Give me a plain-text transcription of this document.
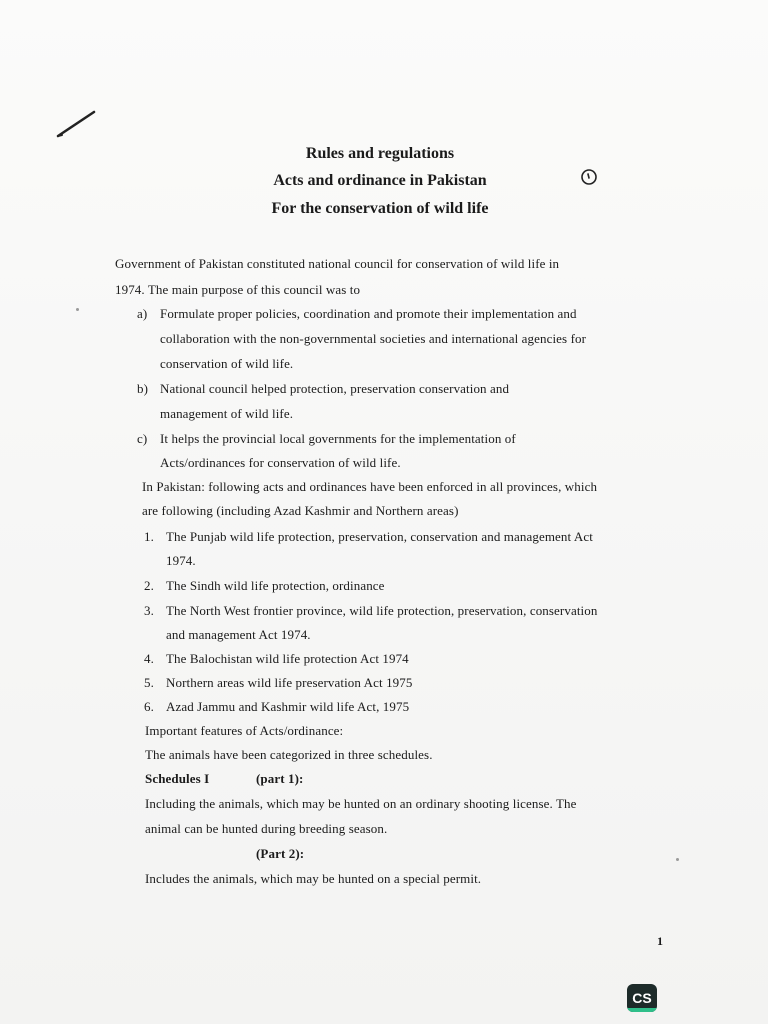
Rules and regulations
Acts and ordinance in Pakistan
For the conservation of wild life
Government of Pakistan constituted national council for conservation of wild life in
1974. The main purpose of this council was to
a) Formulate proper policies, coordination and promote their implementation and
collaboration with the non-governmental societies and international agencies for
conservation of wild life.
b) National council helped protection, preservation conservation and
management of wild life.
c) It helps the provincial local governments for the implementation of
Acts/ordinances for conservation of wild life.
In Pakistan: following acts and ordinances have been enforced in all provinces, which
are following (including Azad Kashmir and Northern areas)
1. The Punjab wild life protection, preservation, conservation and management Act
1974.
2. The Sindh wild life protection, ordinance
3. The North West frontier province, wild life protection, preservation, conservation
and management Act 1974.
4. The Balochistan wild life protection Act 1974
5. Northern areas wild life preservation Act 1975
6. Azad Jammu and Kashmir wild life Act, 1975
Important features of Acts/ordinance:
The animals have been categorized in three schedules.
Schedules I	(part 1):
Including the animals, which may be hunted on an ordinary shooting license. The
animal can be hunted during breeding season.
(Part 2):
Includes the animals, which may be hunted on a special permit.
1
CS
